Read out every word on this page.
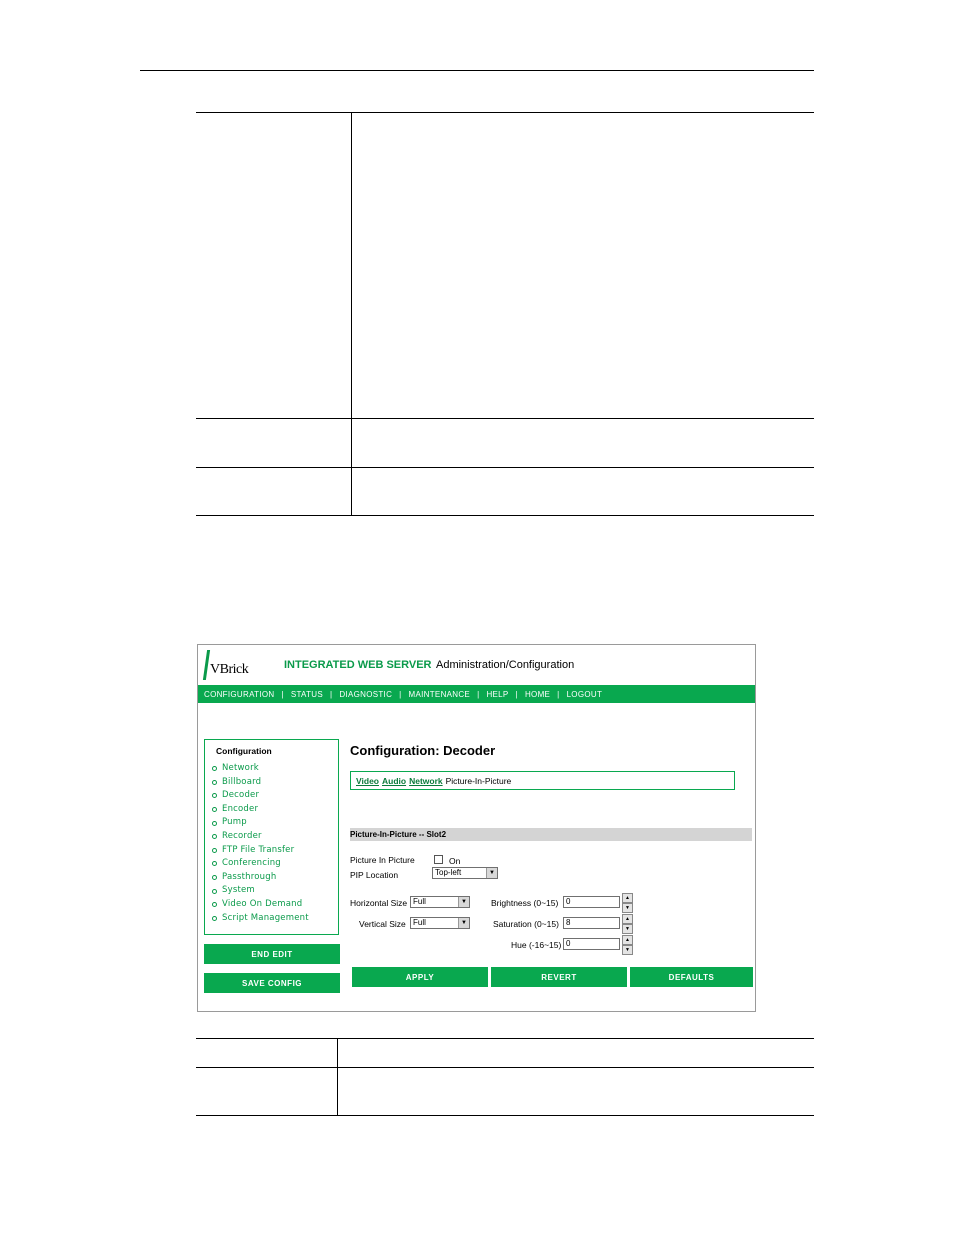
VBrick	INTEGRATED WEB SERVER Administration/Configuration
CONFIGURATION | STATUS | DIAGNOSTIC | MAINTENANCE | HELP | HOME | LOGOUT
Configuration
Network
Billboard
Decoder
Encoder
Pump
Recorder
FTP File Transfer
Conferencing
Passthrough
System
Video On Demand
Script Management
END EDIT
SAVE CONFIG
Configuration: Decoder
Video Audio Network Picture-In-Picture
Picture-In-Picture -- Slot2
Picture In Picture	On
PIP Location	Top-left	▼
Horizontal Size Full	▼
Vertical Size Full	▼
Brightness (0~15) 0	▲
▼
Saturation (0~15) 8	▲
▼
Hue (-16~15) 0	▲
▼
APPLY	REVERT	DEFAULTS
